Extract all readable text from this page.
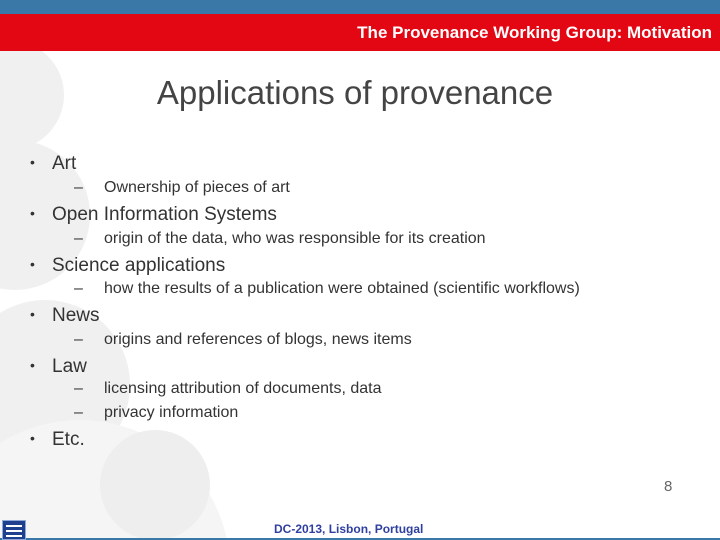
The Provenance Working Group: Motivation
Applications of provenance
• Art
– Ownership of pieces of art
• Open Information Systems
– origin of the data, who was responsible for its creation
• Science applications
– how the results of a publication were obtained (scientific workflows)
• News
– origins and references of blogs, news items
• Law
– licensing attribution of documents, data
– privacy information
• Etc.
8
DC-2013, Lisbon, Portugal
